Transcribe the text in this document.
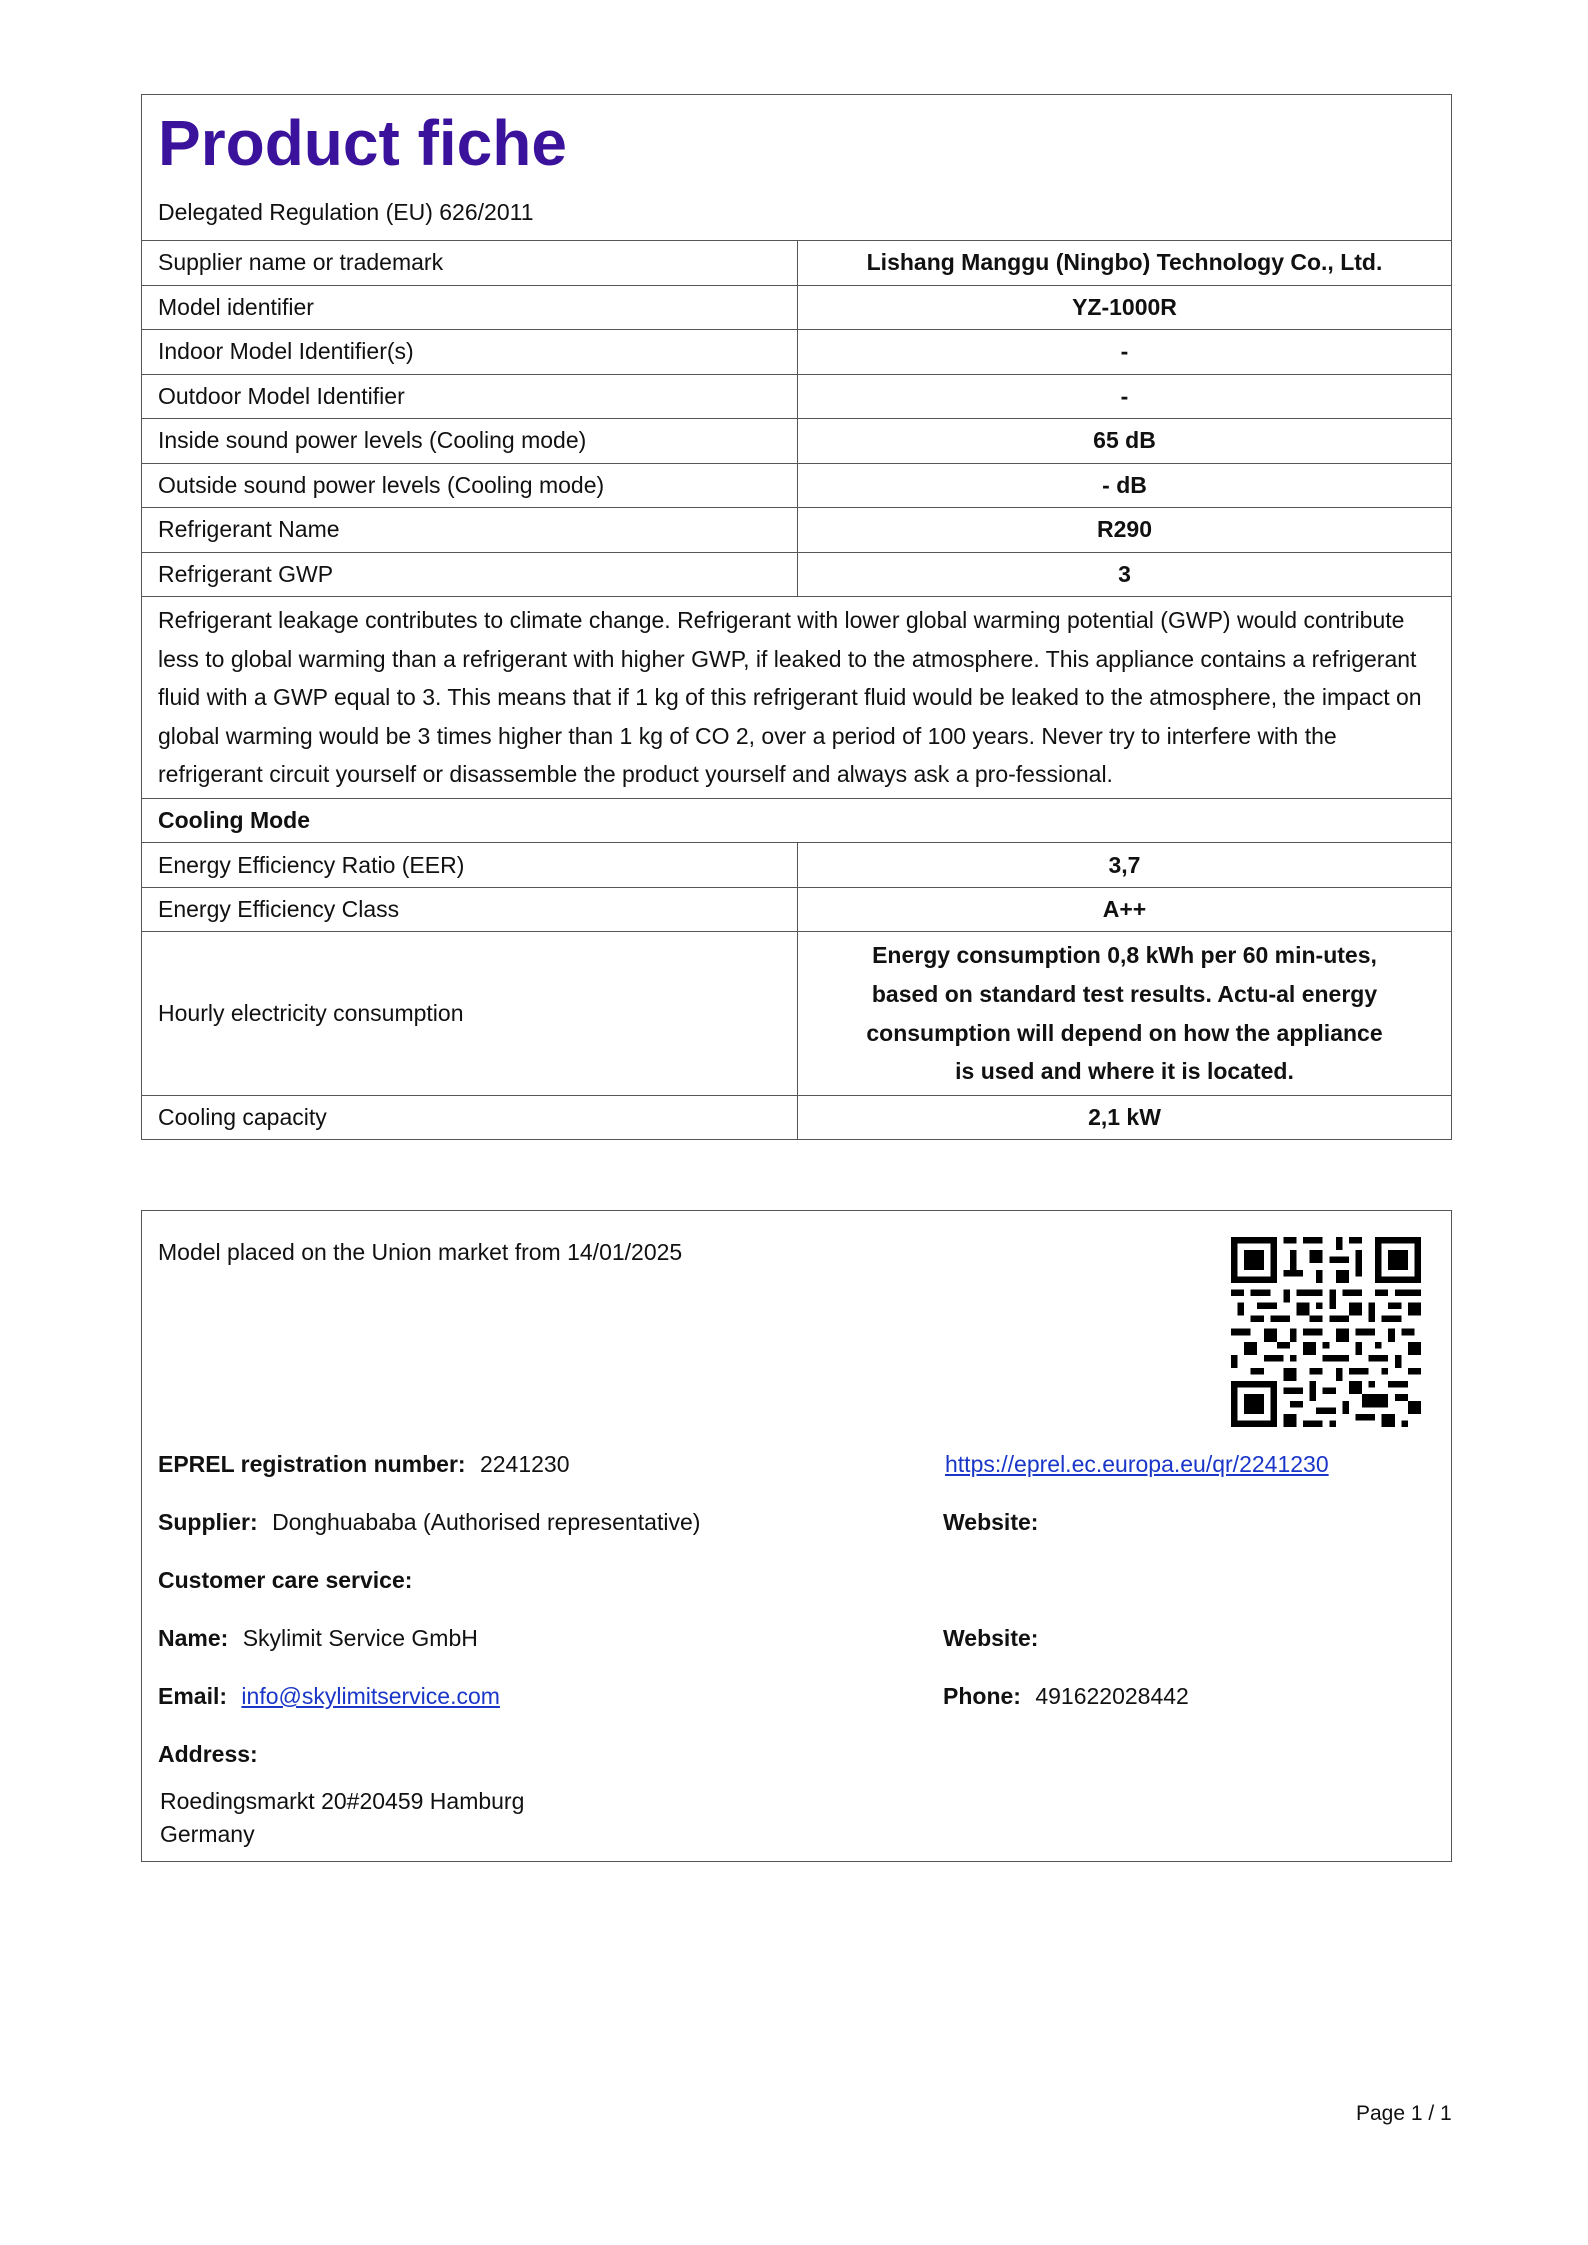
Product fiche
Delegated Regulation (EU) 626/2011
Supplier name or trademark	Lishang Manggu (Ningbo) Technology Co., Ltd.
Model identifier	YZ-1000R
Indoor Model Identifier(s)	-
Outdoor Model Identifier	-
Inside sound power levels (Cooling mode)	65 dB
Outside sound power levels (Cooling mode)	- dB
Refrigerant Name	R290
Refrigerant GWP	3
Refrigerant leakage contributes to climate change. Refrigerant with lower global warming potential (GWP) would contribute less to global warming than a refrigerant with higher GWP, if leaked to the atmosphere. This appliance contains a refrigerant fluid with a GWP equal to 3. This means that if 1 kg of this refrigerant fluid would be leaked to the atmosphere, the impact on global warming would be 3 times higher than 1 kg of CO 2, over a period of 100 years. Never try to interfere with the refrigerant circuit yourself or disassemble the product yourself and always ask a pro-fessional.	
Cooling Mode	
Energy Efficiency Ratio (EER)	3,7
Energy Efficiency Class	A++
Hourly electricity consumption	Energy consumption 0,8 kWh per 60 min-utes, based on standard test results. Actu-al energy consumption will depend on how the appliance is used and where it is located.
Cooling capacity	2,1 kW
Model placed on the Union market from 14/01/2025
EPREL registration number: 2241230	https://eprel.ec.europa.eu/qr/2241230
Supplier: Donghuababa (Authorised representative)	Website:
Customer care service:
Name: Skylimit Service GmbH	Website:
Email: info@skylimitservice.com	Phone: 491622028442
Address:
Roedingsmarkt 20#20459 Hamburg
Germany
Page 1 / 1
